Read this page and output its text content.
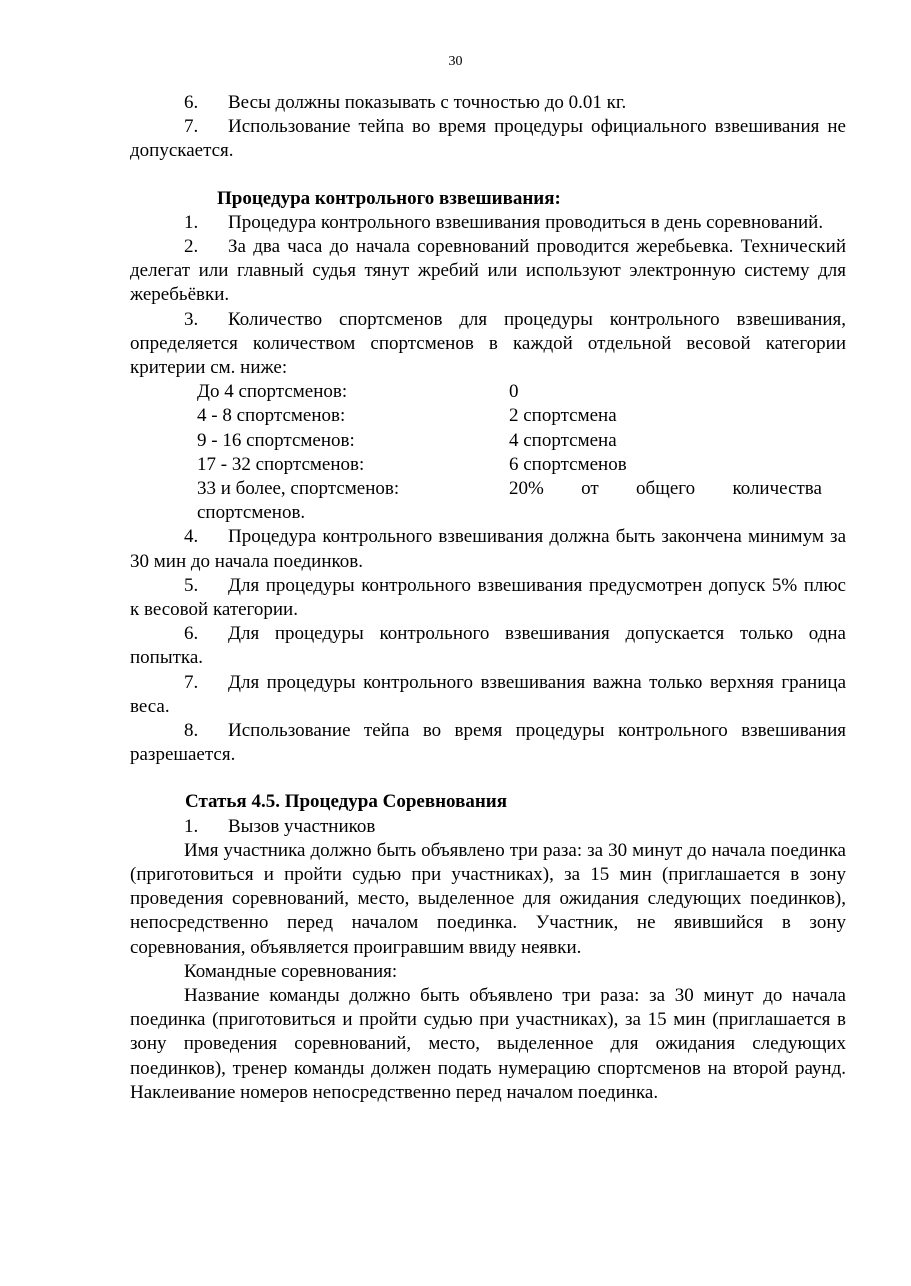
30

6. Весы должны показывать с точностью до 0.01 кг.

7. Использование тейпа во время процедуры официального взвешивания не допускается.

Процедура контрольного взвешивания:

1. Процедура контрольного взвешивания проводиться в день соревнований.

2. За два часа до начала соревнований проводится жеребьевка. Технический делегат или главный судья тянут жребий или используют электронную систему для жеребьёвки.

3. Количество спортсменов для процедуры контрольного взвешивания, определяется количеством спортсменов в каждой отдельной весовой категории критерии см. ниже:

До 4 спортсменов:	0
4 - 8 спортсменов:	2 спортсмена
9 - 16 спортсменов:	4 спортсмена
17 - 32 спортсменов:	6 спортсменов
33 и более, спортсменов:	20% от общего количества
спортсменов.

4. Процедура контрольного взвешивания должна быть закончена минимум за 30 мин до начала поединков.

5. Для процедуры контрольного взвешивания предусмотрен допуск 5% плюс к весовой категории.

6. Для процедуры контрольного взвешивания допускается только одна попытка.

7. Для процедуры контрольного взвешивания важна только верхняя граница веса.

8. Использование тейпа во время процедуры контрольного взвешивания разрешается.

Статья 4.5. Процедура Соревнования

1. Вызов участников

Имя участника должно быть объявлено три раза: за 30 минут до начала поединка (приготовиться и пройти судью при участниках), за 15 мин (приглашается в зону проведения соревнований, место, выделенное для ожидания следующих поединков), непосредственно перед началом поединка. Участник, не явившийся в зону соревнования, объявляется проигравшим ввиду неявки.

Командные соревнования:

Название команды должно быть объявлено три раза: за 30 минут до начала поединка (приготовиться и пройти судью при участниках), за 15 мин (приглашается в зону проведения соревнований, место, выделенное для ожидания следующих поединков), тренер команды должен подать нумерацию спортсменов на второй раунд. Наклеивание номеров непосредственно перед началом поединка.
